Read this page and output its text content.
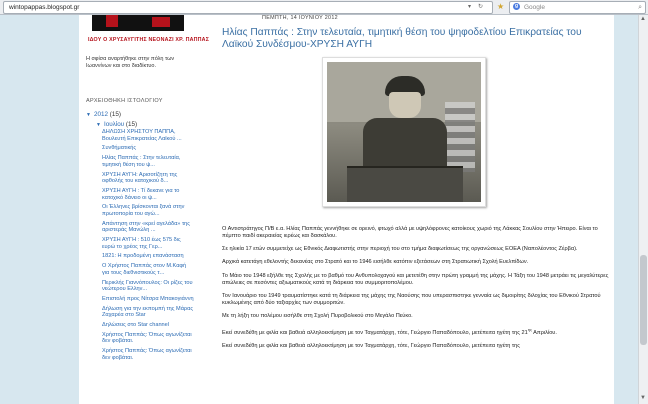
wintopappas.blogspot.gr	▾ ↻ ★	g Google	⌕
ΙΔΟΥ Ο ΧΡΥΣΑΥΓΙΤΗΣ ΝΕΟΝΑΖΙ ΧΡ. ΠΑΠΠΑΣ
Η σφίσα αναρτήθηκε στην πόλη των Ιωαννίνων και στο διαδίκτυο.
ΑΡΧΕΙΟΘΗΚΗ ΙΣΤΟΛΟΓΙΟΥ
▼ 2012 (15)
▼ Ιουλίου (15)
ΔΗΛΩΣΗ ΧΡΗΣΤΟΥ ΠΑΠΠΑ, Βουλευτή Επικρατείας Λαϊκού ...
Συνθήματικής
Ηλίας Παππάς : Στην τελευταία, τιμητική θέση του ψ...
ΧΡΥΣΗ ΑΥΓΗ: Αρισοτίζητη της οφθολής του κατοχικού δ...
ΧΡΥΣΗ ΑΥΓΗ : Τί δεκανε για το κατοχικό δάνειο οι ψ...
Οι Έλληνες βρίσκονται ξανά στην πρωτοπορία του αγώ...
Απάντηση στην «κρεί αγελάδα» της αριστεράς Μανώλη ...
ΧΡΥΣΗ ΑΥΓΗ : 510 έως 575 δις ευρώ το χρέος της Γερ...
1821: Η προδομένη επανάσταση
Ο Χρήστος Παππάς στον Μ.Καφή για τους διεθνιστικούς τ...
Περικλής Γιαννόπουλος: Οι ρίζες του νεώτερου Ελλην...
Επιστολή προς Νίτσρα Μπακογιάννη
Δήλωση για την εκπομπή της Μάρας Ζαχαρέα στο Star
Δηλώσεις στο Star channel
Χρήστος Παππάς: Όπως αγωνίζεται δεν φοβάται.
Χρήστος Παππάς: Όπως αγωνίζεται δεν φοβάται.
ΠΕΜΠΤΗ, 14 ΙΟΥΝΙΟΥ 2012
Ηλίας Παππάς : Στην τελευταία, τιμητική θέση του ψηφοδελτίου Επικρατείας του Λαϊκού Συνδέσμου-ΧΡΥΣΗ ΑΥΓΗ

Ο Αντιστράτηγος Π/Β ε.α. Ηλίας Παππάς γεννήθηκε σε ορεινό, φτωχό αλλά με υψηλόφρονες κατοίκους χωριό της Λάκκας Σουλίου στην Ήπειρο. Είναι το πέμπτο παιδί ακεραιείας ιερέως και δασκάλου.

Σε ηλικία 17 ετών συμμετείχε ως Εθνικός Διαφωτιστής στην περιοχή του στο τμήμα διαφωτίσεως της οργανώσεως ΕΟΕΑ (Ναπολέοντος Ζέρβα).

Αρχικά κατετάγη εθελοντής δεκανέας στο Στρατό και το 1946 εισήλθε κατόπιν εξετάσεων στη Στρατιωτική Σχολή Ευελπίδων.

Το Μάιο του 1948 εξήλθε της Σχολής με το βαθμό του Ανθυπολοχαγού και μετετέθη στην πρώτη γραμμή της μάχης. Η Τάξη του 1948 μετράει τις μεγαλύτερες απώλειες σε πεσόντες αξιωματικούς κατά τη διάρκεια του συμμοριτοπολέμου.

Τον Ιανουάριο του 1949 τραυματίστηκε κατά τη διάρκεια της μάχης της Ναούσης που υπερασπιστηκε γενναία ως διμοιρίτης διλοχίας του Εθνικού Στρατού κυκλωμένης από δύο ταξιαρχίες των συμμοριτών.

Με τη λήξη του πολέμου εισήλθε στη Σχολή Πυροβολικού στο Μεγάλο Πεύκο.

Εκεί συνεδέθη με φιλία και βαθειά αλληλοεκτίμηση με τον Ταγματάρχη, τότε, Γεώργιο Παπαδόπουλο, μετέπειτα ηγέτη της $21^{\eta\varsigma}$ Απριλίου.

Εκεί συνεδέθη με φιλία και βαθειά αλληλοεκτίμηση με τον Ταγματάρχη, τότε, Γεώργιο Παπαδόπουλο, μετέπειτα ηγέτη της

▲
▼
